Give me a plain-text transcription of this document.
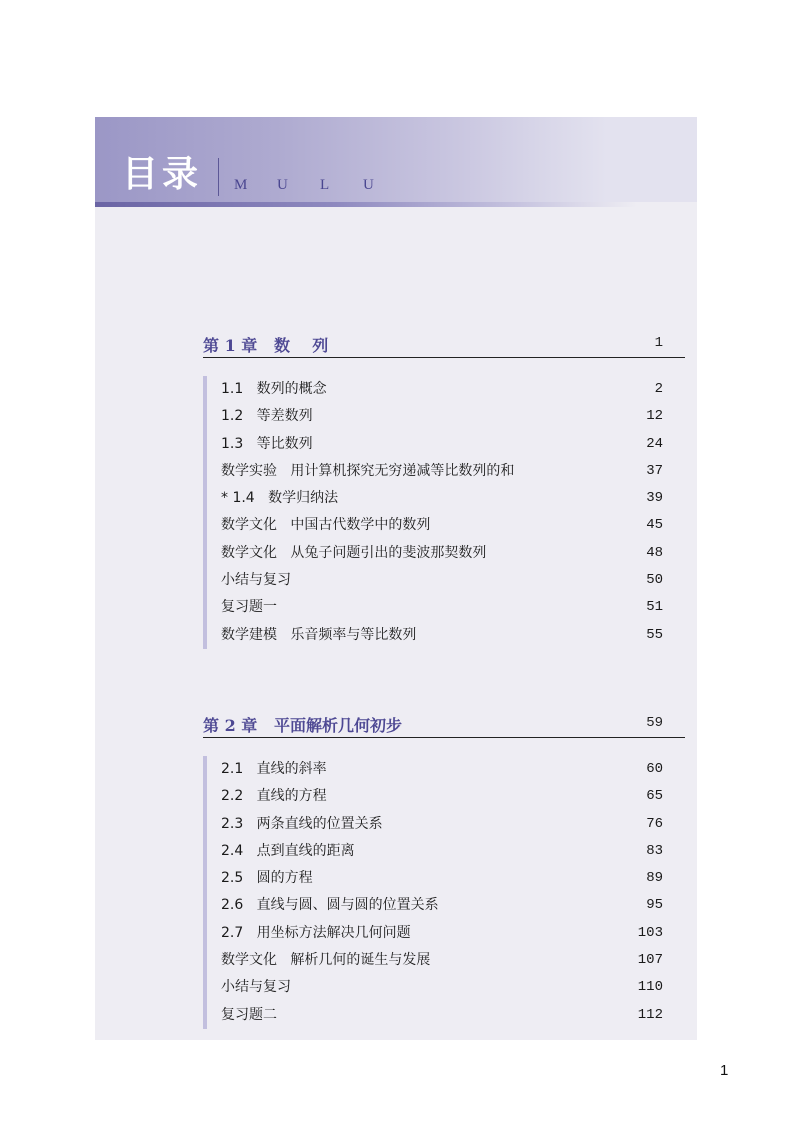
目录 M	U	L	U
第 1 章   数    列	1
1.1   数列的概念	2
1.2   等差数列	12
1.3   等比数列	24
数学实验   用计算机探究无穷递减等比数列的和	37
* 1.4   数学归纳法	39
数学文化   中国古代数学中的数列	45
数学文化   从兔子问题引出的斐波那契数列	48
小结与复习	50
复习题一	51
数学建模   乐音频率与等比数列	55
第 2 章   平面解析几何初步	59
2.1   直线的斜率	60
2.2   直线的方程	65
2.3   两条直线的位置关系	76
2.4   点到直线的距离	83
2.5   圆的方程	89
2.6   直线与圆、圆与圆的位置关系	95
2.7   用坐标方法解决几何问题	103
数学文化   解析几何的诞生与发展	107
小结与复习	110
复习题二	112
1
